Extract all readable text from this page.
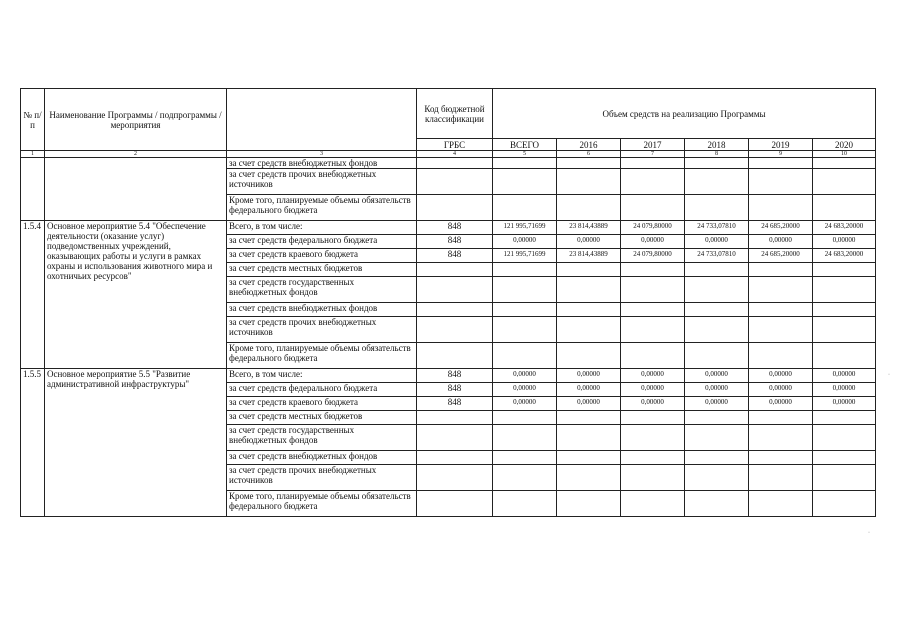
№ п/п	Наименование Программы / подпрограммы / мероприятия		Код бюджетной классификации	Объем средств на реализацию Программы					
			ГРБС	ВСЕГО	2016	2017	2018	2019	2020
1	2	3	4	5	6	7	8	9	10
		за счет средств внебюджетных фондов							
		за счет средств прочих внебюджетных источников							
		Кроме того, планируемые объемы обязательств федерального бюджета							
1.5.4	Основное мероприятие 5.4 "Обеспечение деятельности (оказание услуг) подведомственных учреждений, оказывающих работы и услуги в рамках охраны и использования животного мира и охотничьих ресурсов"	Всего, в том числе:	848	121 995,71699	23 814,43889	24 079,80000	24 733,07810	24 685,20000	24 683,20000
		за счет средств федерального бюджета	848	0,00000	0,00000	0,00000	0,00000	0,00000	0,00000
		за счет средств краевого бюджета	848	121 995,71699	23 814,43889	24 079,80000	24 733,07810	24 685,20000	24 683,20000
		за счет средств местных бюджетов							
		за счет средств государственных внебюджетных фондов							
		за счет средств внебюджетных фондов							
		за счет средств прочих внебюджетных источников							
		Кроме того, планируемые объемы обязательств федерального бюджета							
1.5.5	Основное мероприятие 5.5 "Развитие административной инфраструктуры"	Всего, в том числе:	848	0,00000	0,00000	0,00000	0,00000	0,00000	0,00000
		за счет средств федерального бюджета	848	0,00000	0,00000	0,00000	0,00000	0,00000	0,00000
		за счет средств краевого бюджета	848	0,00000	0,00000	0,00000	0,00000	0,00000	0,00000
		за счет средств местных бюджетов							
		за счет средств государственных внебюджетных фондов							
		за счет средств внебюджетных фондов							
		за счет средств прочих внебюджетных источников							
		Кроме того, планируемые объемы обязательств федерального бюджета							
·
·
